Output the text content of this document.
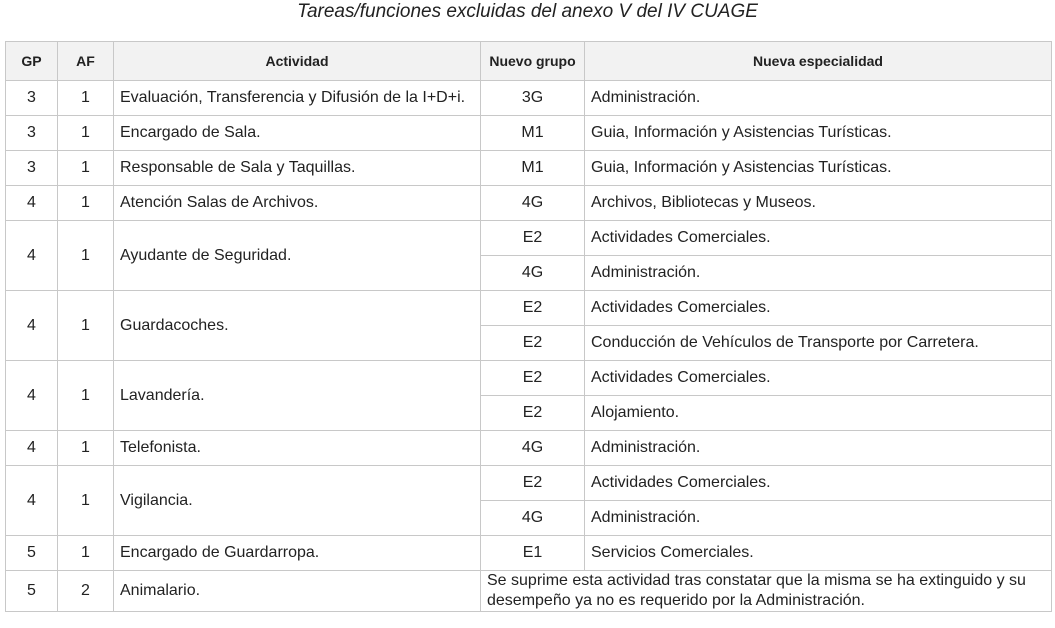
Tareas/funciones excluidas del anexo V del IV CUAGE
GP	AF	Actividad	Nuevo grupo	Nueva especialidad
3	1	Evaluación, Transferencia y Difusión de la I+D+i.	3G	Administración.
3	1	Encargado de Sala.	M1	Guia, Información y Asistencias Turísticas.
3	1	Responsable de Sala y Taquillas.	M1	Guia, Información y Asistencias Turísticas.
4	1	Atención Salas de Archivos.	4G	Archivos, Bibliotecas y Museos.
4	1	Ayudante de Seguridad.	E2	Actividades Comerciales.
			4G	Administración.
4	1	Guardacoches.	E2	Actividades Comerciales.
			E2	Conducción de Vehículos de Transporte por Carretera.
4	1	Lavandería.	E2	Actividades Comerciales.
			E2	Alojamiento.
4	1	Telefonista.	4G	Administración.
4	1	Vigilancia.	E2	Actividades Comerciales.
			4G	Administración.
5	1	Encargado de Guardarropa.	E1	Servicios Comerciales.
5	2	Animalario.	Se suprime esta actividad tras constatar que la misma se ha extinguido y su desempeño ya no es requerido por la Administración.	
